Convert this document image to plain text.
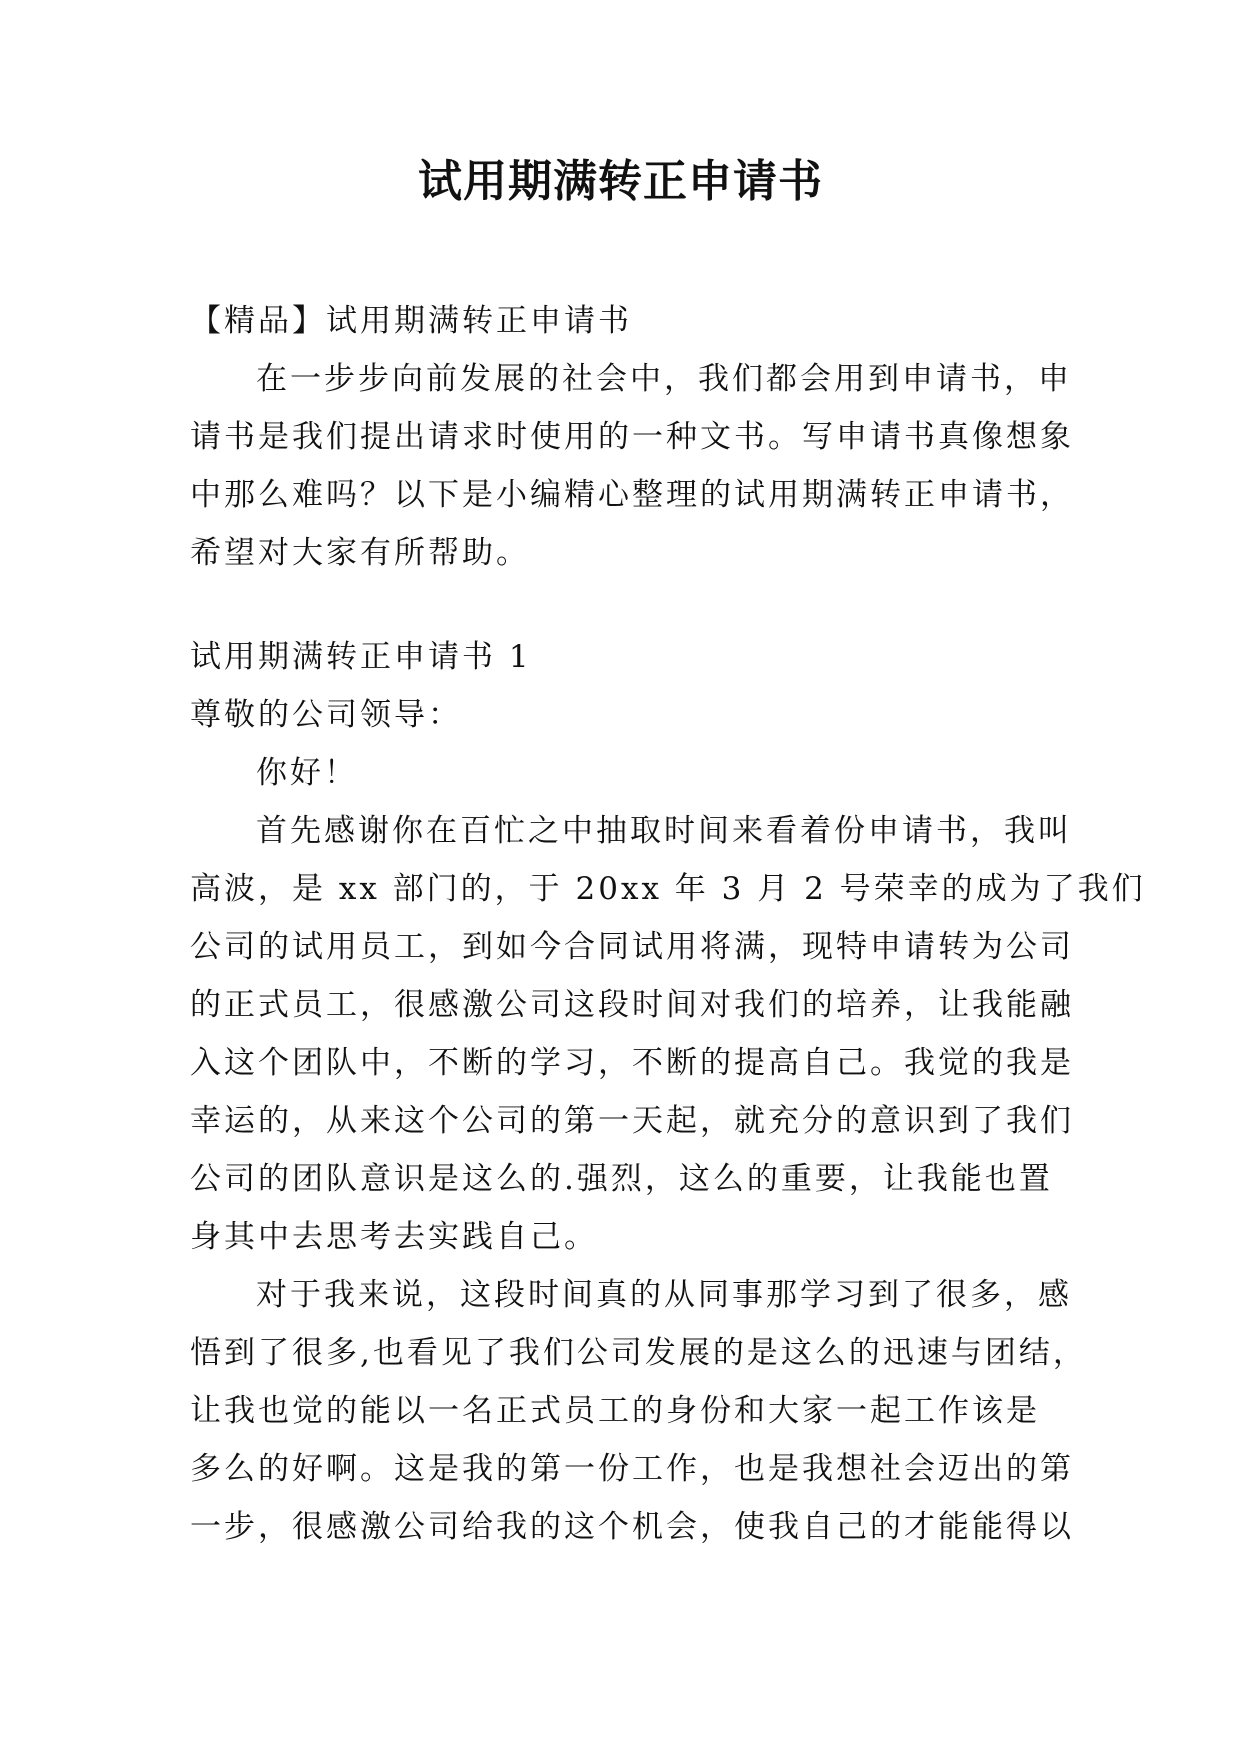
试用期满转正申请书
【精品】试用期满转正申请书
在一步步向前发展的社会中，我们都会用到申请书，申
请书是我们提出请求时使用的一种文书。写申请书真像想象
中那么难吗？以下是小编精心整理的试用期满转正申请书，
希望对大家有所帮助。
试用期满转正申请书 1
尊敬的公司领导：
你好！
首先感谢你在百忙之中抽取时间来看着份申请书，我叫
高波，是 xx 部门的，于 20xx 年 3 月 2 号荣幸的成为了我们
公司的试用员工，到如今合同试用将满，现特申请转为公司
的正式员工，很感激公司这段时间对我们的培养，让我能融
入这个团队中，不断的学习，不断的提高自己。我觉的我是
幸运的，从来这个公司的第一天起，就充分的意识到了我们
公司的团队意识是这么的.强烈，这么的重要，让我能也置
身其中去思考去实践自己。
对于我来说，这段时间真的从同事那学习到了很多，感
悟到了很多,也看见了我们公司发展的是这么的迅速与团结，
让我也觉的能以一名正式员工的身份和大家一起工作该是
多么的好啊。这是我的第一份工作，也是我想社会迈出的第
一步，很感激公司给我的这个机会，使我自己的才能能得以
